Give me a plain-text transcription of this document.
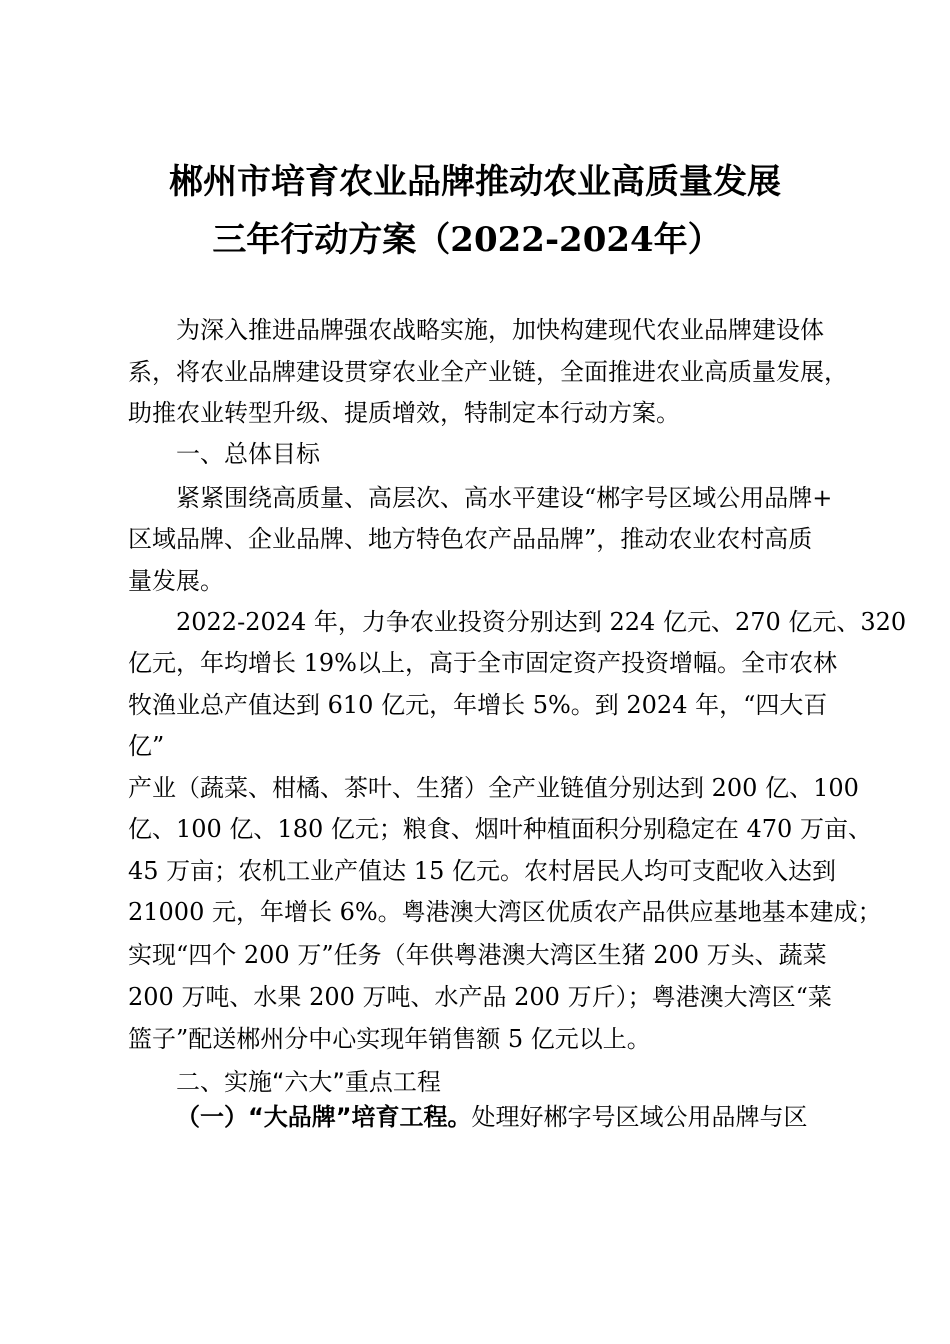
郴州市培育农业品牌推动农业高质量发展
三年行动方案（2022-2024年）
为深入推进品牌强农战略实施，加快构建现代农业品牌建设体
系，将农业品牌建设贯穿农业全产业链，全面推进农业高质量发展，
助推农业转型升级、提质增效，特制定本行动方案。
一、总体目标
紧紧围绕高质量、高层次、高水平建设“郴字号区域公用品牌+
区域品牌、企业品牌、地方特色农产品品牌”，推动农业农村高质
量发展。
2022-2024 年，力争农业投资分别达到 224 亿元、270 亿元、320
亿元，年均增长 19%以上，高于全市固定资产投资增幅。全市农林
牧渔业总产值达到 610 亿元，年增长 5%。到 2024 年，“四大百
亿”
产业（蔬菜、柑橘、茶叶、生猪）全产业链值分别达到 200 亿、100
亿、100 亿、180 亿元；粮食、烟叶种植面积分别稳定在 470 万亩、
45 万亩；农机工业产值达 15 亿元。农村居民人均可支配收入达到
21000 元，年增长 6%。粤港澳大湾区优质农产品供应基地基本建成；
实现“四个 200 万”任务（年供粤港澳大湾区生猪 200 万头、蔬菜
200 万吨、水果 200 万吨、水产品 200 万斤）；粤港澳大湾区“菜
篮子”配送郴州分中心实现年销售额 5 亿元以上。
二、实施“六大”重点工程
（一）“大品牌”培育工程。处理好郴字号区域公用品牌与区
